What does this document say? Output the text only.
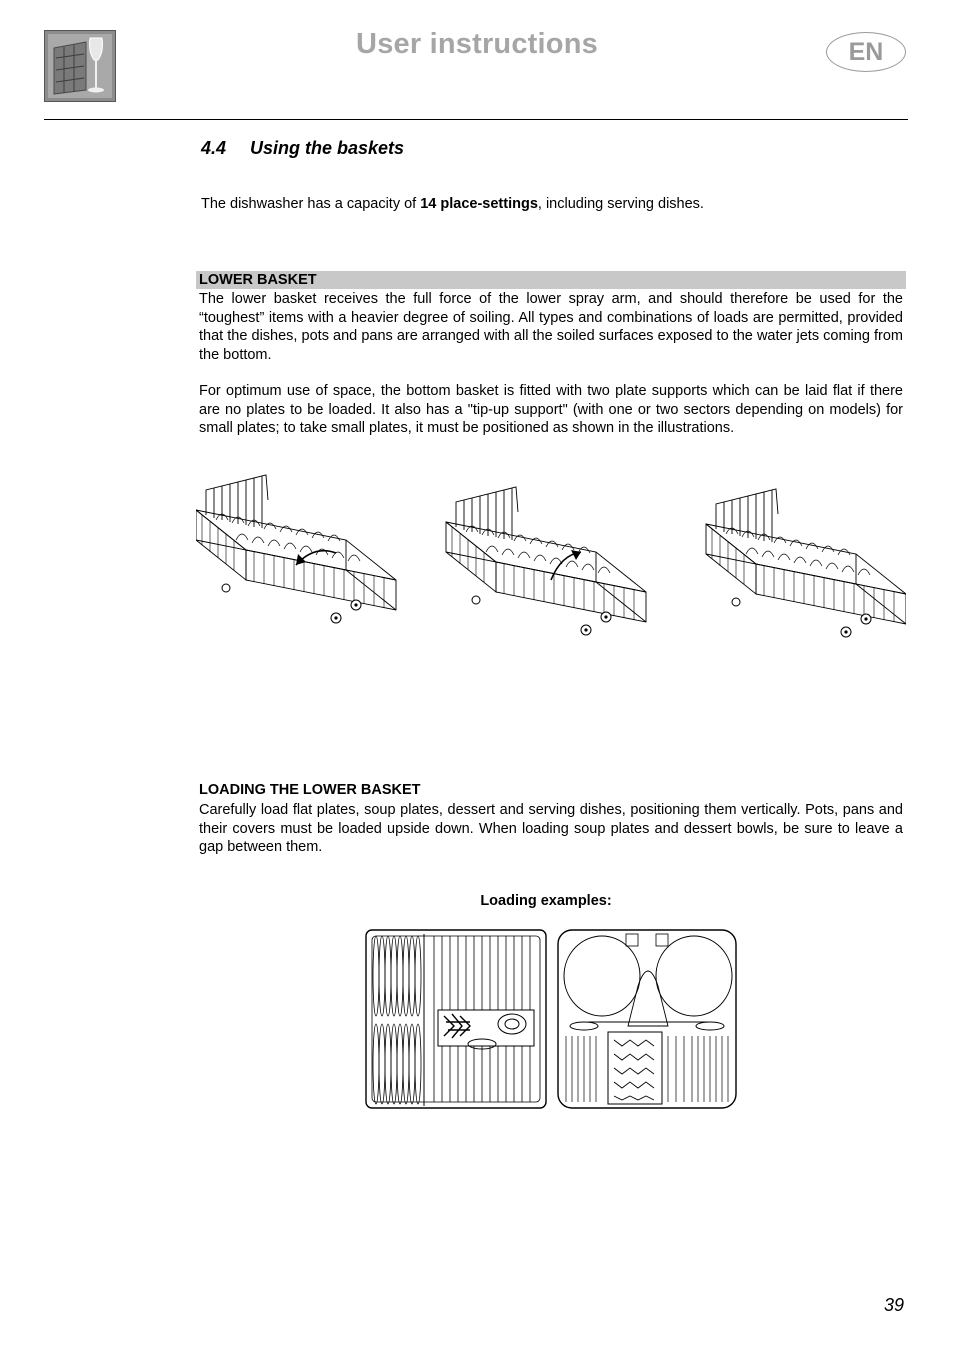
User instructions	EN
4.4 Using the baskets
The dishwasher has a capacity of 14 place-settings, including serving dishes.
LOWER BASKET

The lower basket receives the full force of the lower spray arm, and should therefore be used for the “toughest” items with a heavier degree of soiling. All types and combinations of loads are permitted, provided that the dishes, pots and pans are arranged with all the soiled surfaces exposed to the water jets coming from the bottom.

For optimum use of space, the bottom basket is fitted with two plate supports which can be laid flat if there are no plates to be loaded. It also has a "tip-up support" (with one or two sectors depending on models) for small plates; to take small plates, it must be positioned as shown in the illustrations.

LOADING THE LOWER BASKET

Carefully load flat plates, soup plates, dessert and serving dishes, positioning them vertically. Pots, pans and their covers must be loaded upside down. When loading soup plates and dessert bowls, be sure to leave a gap between them.

Loading examples:
39
